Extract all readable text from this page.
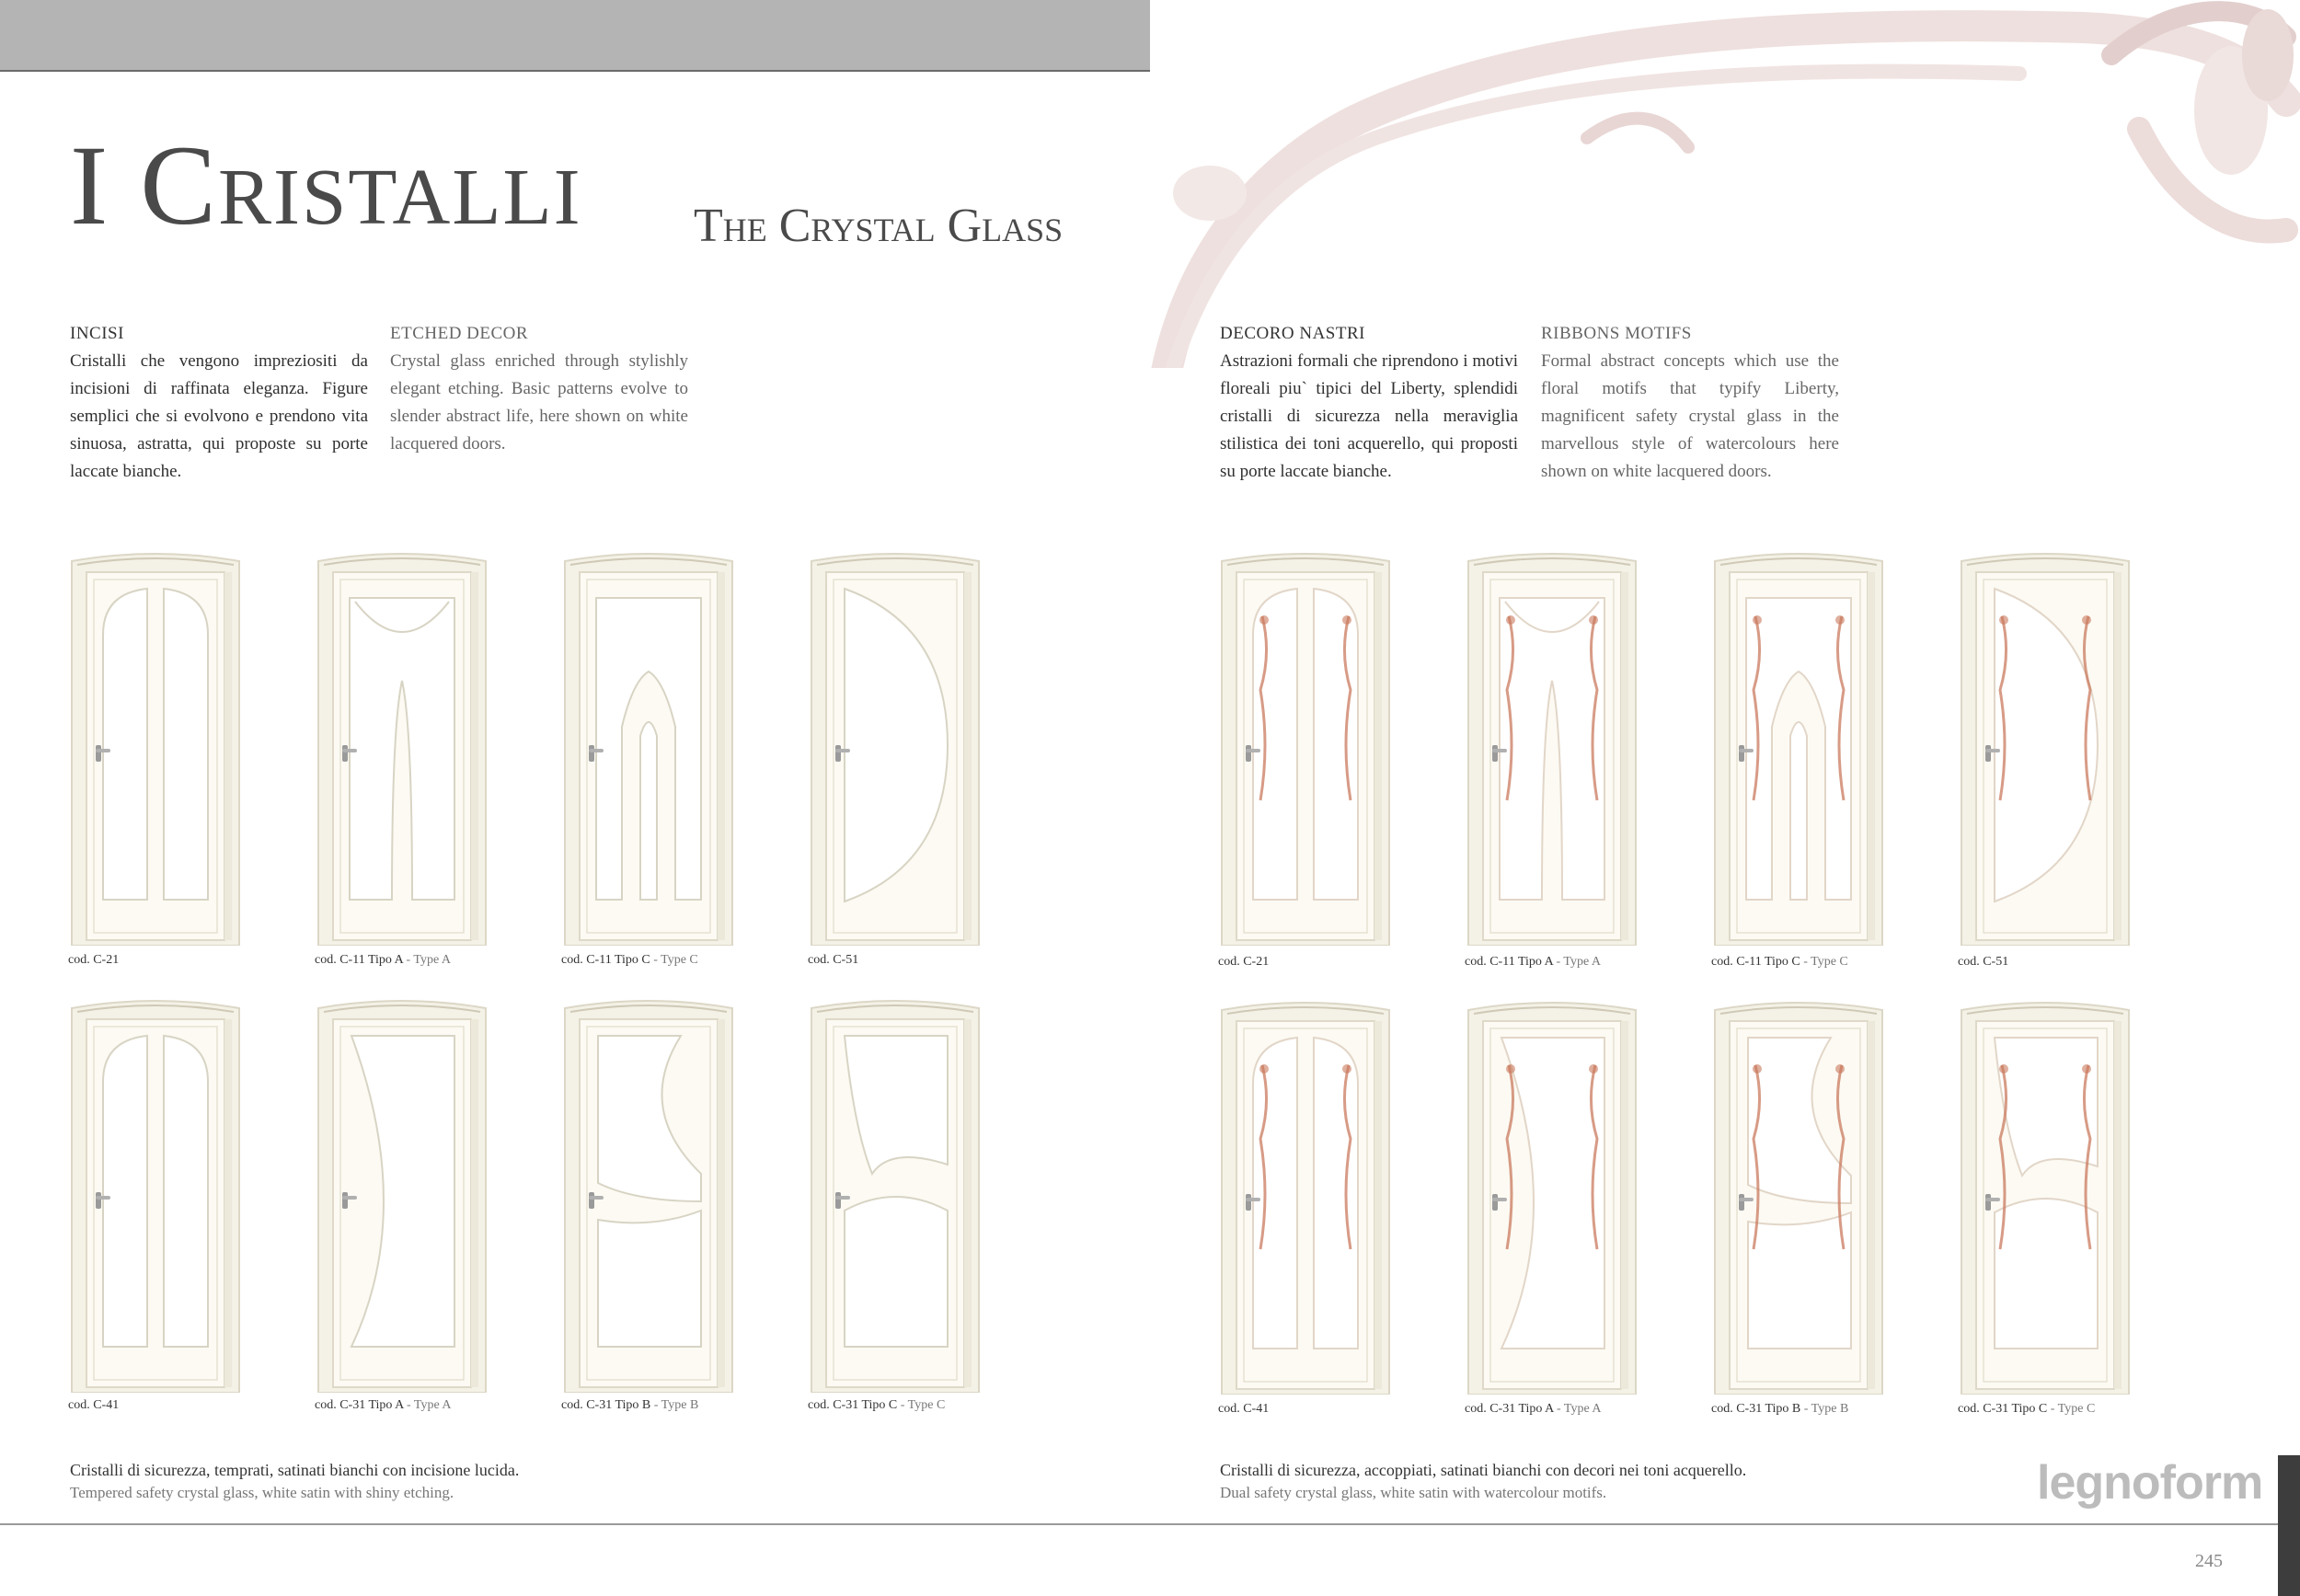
I Cristalli The Crystal Glass
INCISI
Cristalli che vengono impreziositi da incisioni di raffinata eleganza. Figure semplici che si evolvono e prendono vita sinuosa, astratta, qui proposte su porte laccate bianche.
ETCHED DECOR
Crystal glass enriched through stylishly elegant etching. Basic patterns evolve to slender abstract life, here shown on white lacquered doors.
DECORO NASTRI
Astrazioni formali che riprendono i motivi floreali piu` tipici del Liberty, splendidi cristalli di sicurezza nella meraviglia stilistica dei toni acquerello, qui proposti su porte laccate bianche.
RIBBONS MOTIFS
Formal abstract concepts which use the floral motifs that typify Liberty, magnificent safety crystal glass in the marvellous style of watercolours here shown on white lacquered doors.
cod. C-21	cod. C-11 Tipo A - Type A	cod. C-11 Tipo C - Type C	cod. C-51
cod. C-41	cod. C-31 Tipo A - Type A	cod. C-31 Tipo B - Type B	cod. C-31 Tipo C - Type C
cod. C-21	cod. C-11 Tipo A - Type A	cod. C-11 Tipo C - Type C	cod. C-51
cod. C-41	cod. C-31 Tipo A - Type A	cod. C-31 Tipo B - Type B	cod. C-31 Tipo C - Type C
Cristalli di sicurezza, temprati, satinati bianchi con incisione lucida.
Tempered safety crystal glass, white satin with shiny etching.
Cristalli di sicurezza, accoppiati, satinati bianchi con decori nei toni acquerello.
Dual safety crystal glass, white satin with watercolour motifs.	legnoform
245
